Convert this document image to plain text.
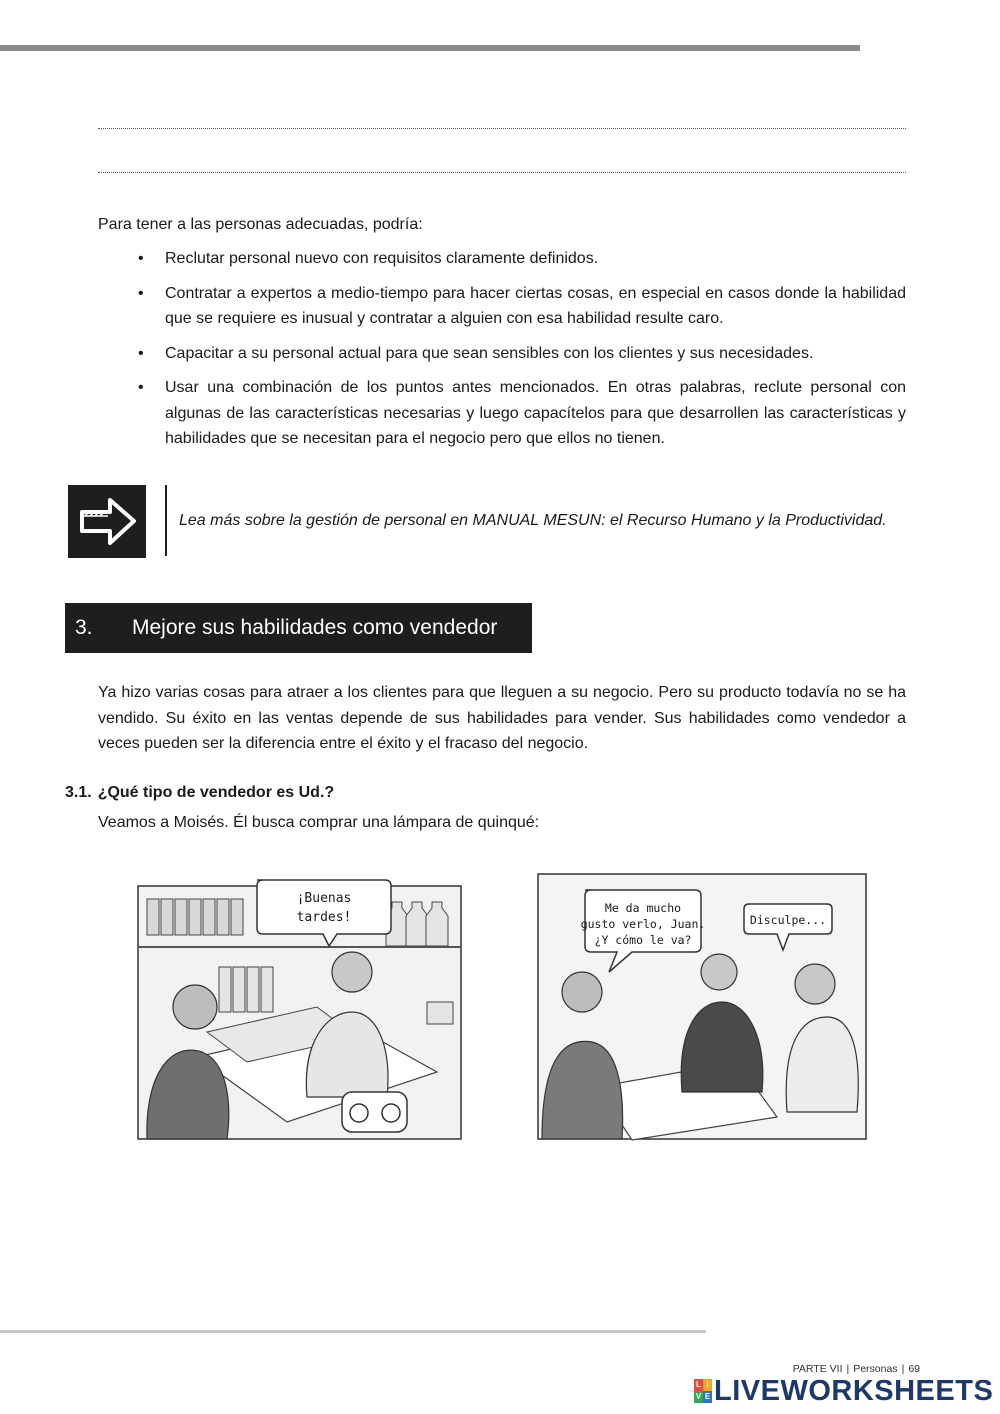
Para tener a las personas adecuadas, podría:
• Reclutar personal nuevo con requisitos claramente definidos.
• Contratar a expertos a medio-tiempo para hacer ciertas cosas, en especial en casos donde la habilidad que se requiere es inusual y contratar a alguien con esa habilidad resulte caro.
• Capacitar a su personal actual para que sean sensibles con los clientes y sus necesidades.
• Usar una combinación de los puntos antes mencionados. En otras palabras, reclute personal con algunas de las características necesarias y luego capacítelos para que desarrollen las características y habilidades que se necesitan para el negocio pero que ellos no tienen.
Lea más sobre la gestión de personal en MANUAL MESUN: el Recurso Humano y la Productividad.
3. Mejore sus habilidades como vendedor
Ya hizo varias cosas para atraer a los clientes para que lleguen a su negocio. Pero su producto todavía no se ha vendido. Su éxito en las ventas depende de sus habilidades para vender. Sus habilidades como vendedor a veces pueden ser la diferencia entre el éxito y el fracaso del negocio.
3.1. ¿Qué tipo de vendedor es Ud.?
Veamos a Moisés. Él busca comprar una lámpara de quinqué:
¡Buenas
tardes!
Me da mucho
gusto verlo, Juan.
¿Y cómo le va?
Disculpe...
PARTE VII | Personas | 69
L I
V E LIVEWORKSHEETS
